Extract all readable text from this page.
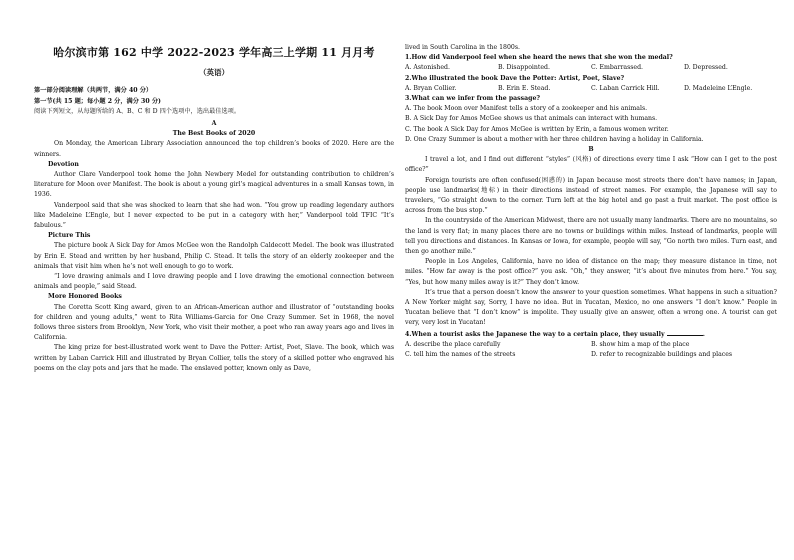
哈尔滨市第 162 中学 2022-2023 学年高三上学期 11 月月考
（英语）

第一部分阅读理解（共两节，满分 40 分）

第一节(共 15 题；每小题 2 分，满分 30 分)

阅读下列短文，从每题所给的 A、B、C 和 D 四个选项中，选出最佳选项。

A

The Best Books of 2020

On Monday, the American Library Association announced the top children’s books of 2020. Here are the winners.

Devotion

Author Clare Vanderpool took home the John Newbery Medel for outstanding contribution to children’s literature for Moon over Manifest. The book is about a young girl’s magical adventures in a small Kansas town, in 1936.

Vanderpool said that she was shocked to learn that she had won. “You grow up reading legendary authors like Madeleine L’Engle, but I never expected to be put in a category with her,” Vanderpool told TFIC “It’s fabulous.”

Picture This

The picture book A Sick Day for Amos McGee won the Randolph Caldecott Medel. The book was illustrated by Erin E. Stead and written by her husband, Philip C. Stead. It tells the story of an elderly zookeeper and the animals that visit him when he’s not well enough to go to work.

“I love drawing animals and I love drawing people and I love drawing the emotional connection between animals and people,” said Stead.

More Honored Books

The Coretta Scott King award, given to an African-American author and illustrator of “outstanding books for children and young adults,” went to Rita Williams-Garcia for One Crazy Summer. Set in 1968, the novel follows three sisters from Brooklyn, New York, who visit their mother, a poet who ran away years ago and lives in California.

The king prize for best-illustrated work went to Dave the Potter: Artist, Poet, Slave. The book, which was written by Laban Carrick Hill and illustrated by Bryan Collier, tells the story of a skilled potter who engraved his poems on the clay pots and jars that he made. The enslaved potter, known only as Dave,

lived in South Carolina in the 1800s.

1.How did Vanderpool feel when she heard the news that she won the medal?

A. Astonished.	B. Disappointed.	C. Embarrassed.	D. Depressed.

2.Who illustrated the book Dave the Potter: Artist, Poet, Slave?

A. Bryan Collier.	B. Erin E. Stead.	C. Laban Carrick Hill.	D. Madeleine L’Engle.

3.What can we infer from the passage?

A. The book Moon over Manifest tells a story of a zookeeper and his animals.

B. A Sick Day for Amos McGee shows us that animals can interact with humans.

C. The book A Sick Day for Amos McGee is written by Erin, a famous women writer.

D. One Crazy Summer is about a mother with her three children having a holiday in California.

B

I travel a lot, and I find out different “styles” (风格) of directions every time I ask “How can I get to the post office?”

Foreign tourists are often confused(困惑的) in Japan because most streets there don’t have names; in Japan, people use landmarks(地标) in their directions instead of street names. For example, the Japanese will say to travelers, “Go straight down to the corner. Turn left at the big hotel and go past a fruit market. The post office is across from the bus stop.”

In the countryside of the American Midwest, there are not usually many landmarks. There are no mountains, so the land is very flat; in many places there are no towns or buildings within miles. Instead of landmarks, people will tell you directions and distances. In Kansas or Iowa, for example, people will say, “Go north two miles. Turn east, and then go another mile.”

People in Los Angeles, California, have no idea of distance on the map; they measure distance in time, not miles. “How far away is the post office?” you ask. “Oh,” they answer, “it’s about five minutes from here.” You say, “Yes, but how many miles away is it?” They don’t know.

It’s true that a person doesn’t know the answer to your question sometimes. What happens in such a situation? A New Yorker might say, Sorry, I have no idea. But in Yucatan, Mexico, no one answers “I don’t know.” People in Yucatan believe that “I don’t know” is impolite. They usually give an answer, often a wrong one. A tourist can get very, very lost in Yucatan!

4.When a tourist asks the Japanese the way to a certain place, they usually	.

A. describe the place carefully	B. show him a map of the place
C. tell him the names of the streets	D. refer to recognizable buildings and places
